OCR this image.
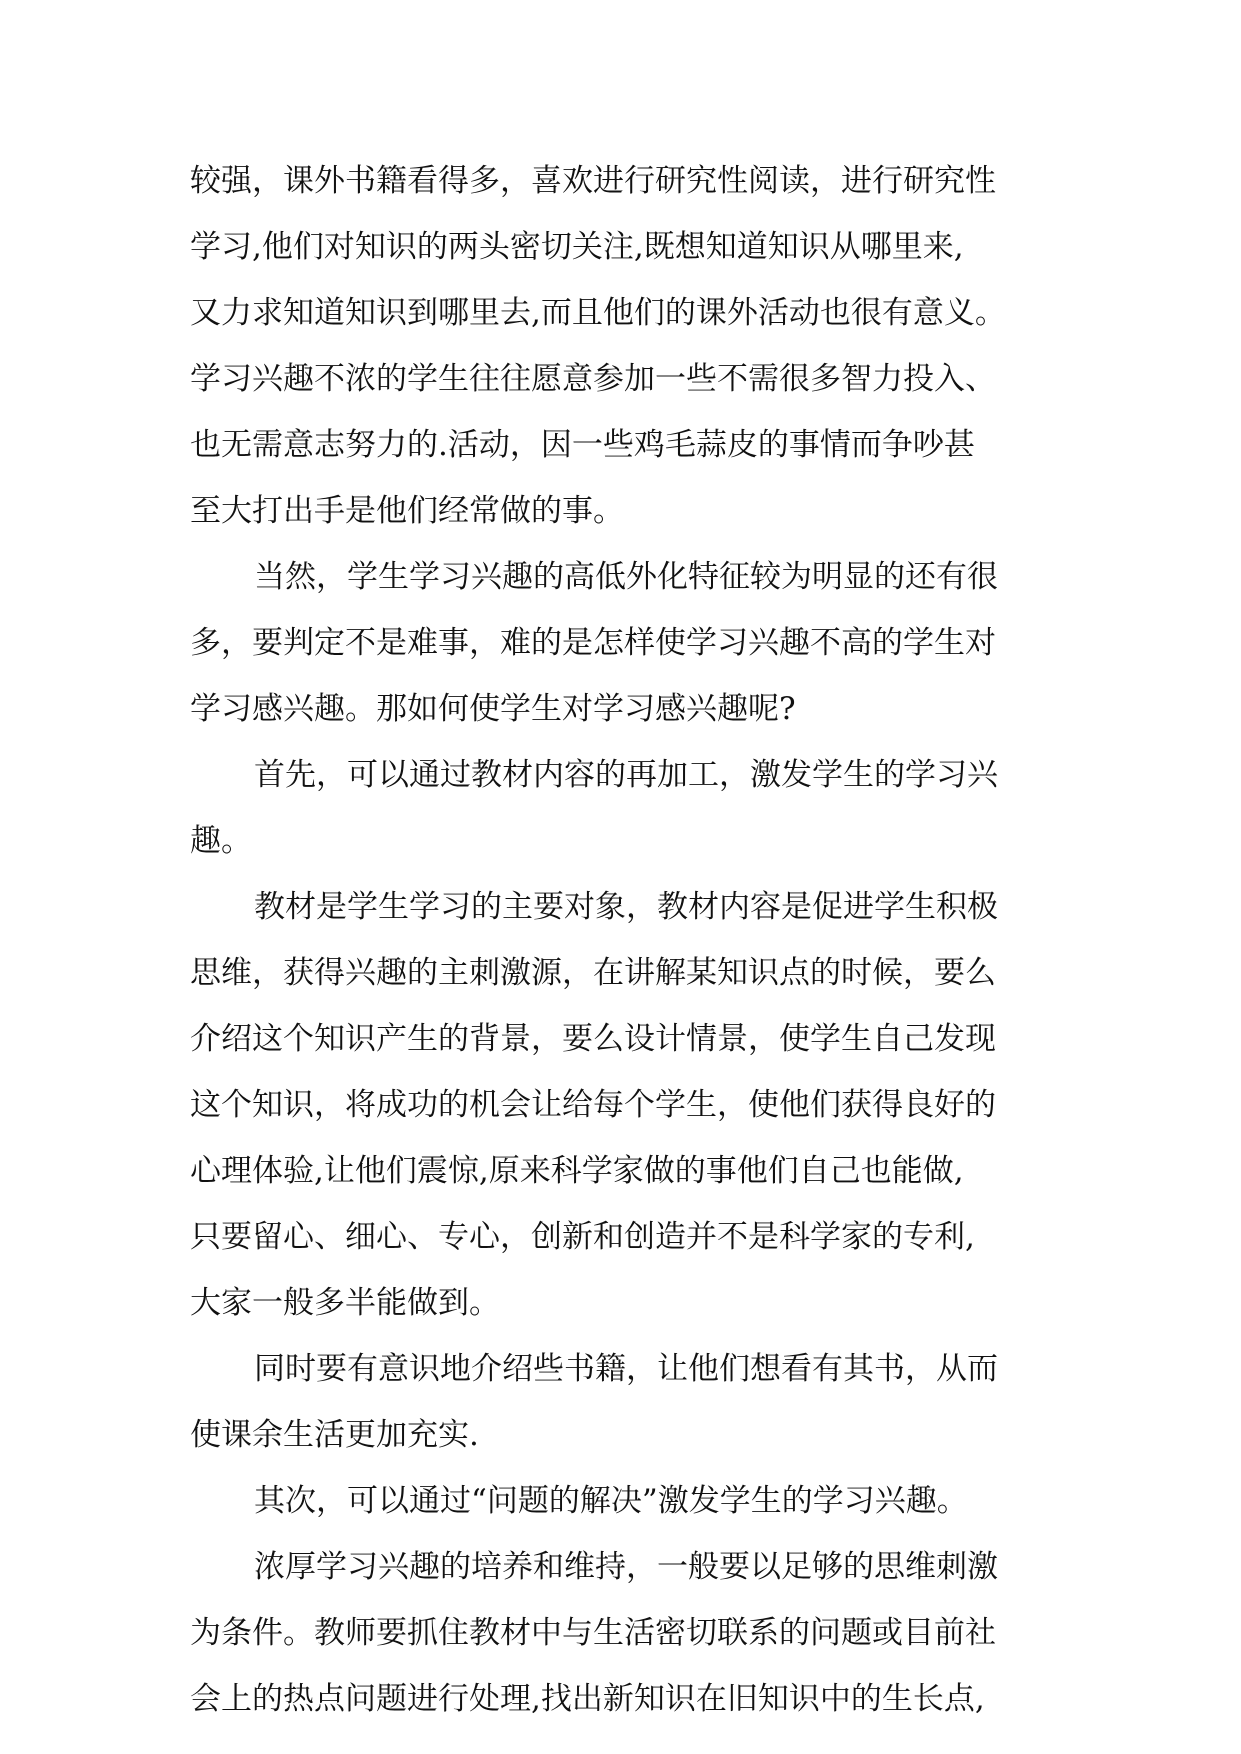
较强，课外书籍看得多，喜欢进行研究性阅读，进行研究性
学习,他们对知识的两头密切关注,既想知道知识从哪里来,
又力求知道知识到哪里去,而且他们的课外活动也很有意义。
学习兴趣不浓的学生往往愿意参加一些不需很多智力投入、
也无需意志努力的.活动，因一些鸡毛蒜皮的事情而争吵甚
至大打出手是他们经常做的事。
当然，学生学习兴趣的高低外化特征较为明显的还有很
多，要判定不是难事，难的是怎样使学习兴趣不高的学生对
学习感兴趣。那如何使学生对学习感兴趣呢?
首先，可以通过教材内容的再加工，激发学生的学习兴
趣。
教材是学生学习的主要对象，教材内容是促进学生积极
思维，获得兴趣的主刺激源，在讲解某知识点的时候，要么
介绍这个知识产生的背景，要么设计情景，使学生自己发现
这个知识，将成功的机会让给每个学生，使他们获得良好的
心理体验,让他们震惊,原来科学家做的事他们自己也能做,
只要留心、细心、专心，创新和创造并不是科学家的专利,
大家一般多半能做到。
同时要有意识地介绍些书籍，让他们想看有其书，从而
使课余生活更加充实.
其次，可以通过“问题的解决”激发学生的学习兴趣。
浓厚学习兴趣的培养和维持，一般要以足够的思维刺激
为条件。教师要抓住教材中与生活密切联系的问题或目前社
会上的热点问题进行处理,找出新知识在旧知识中的生长点,
